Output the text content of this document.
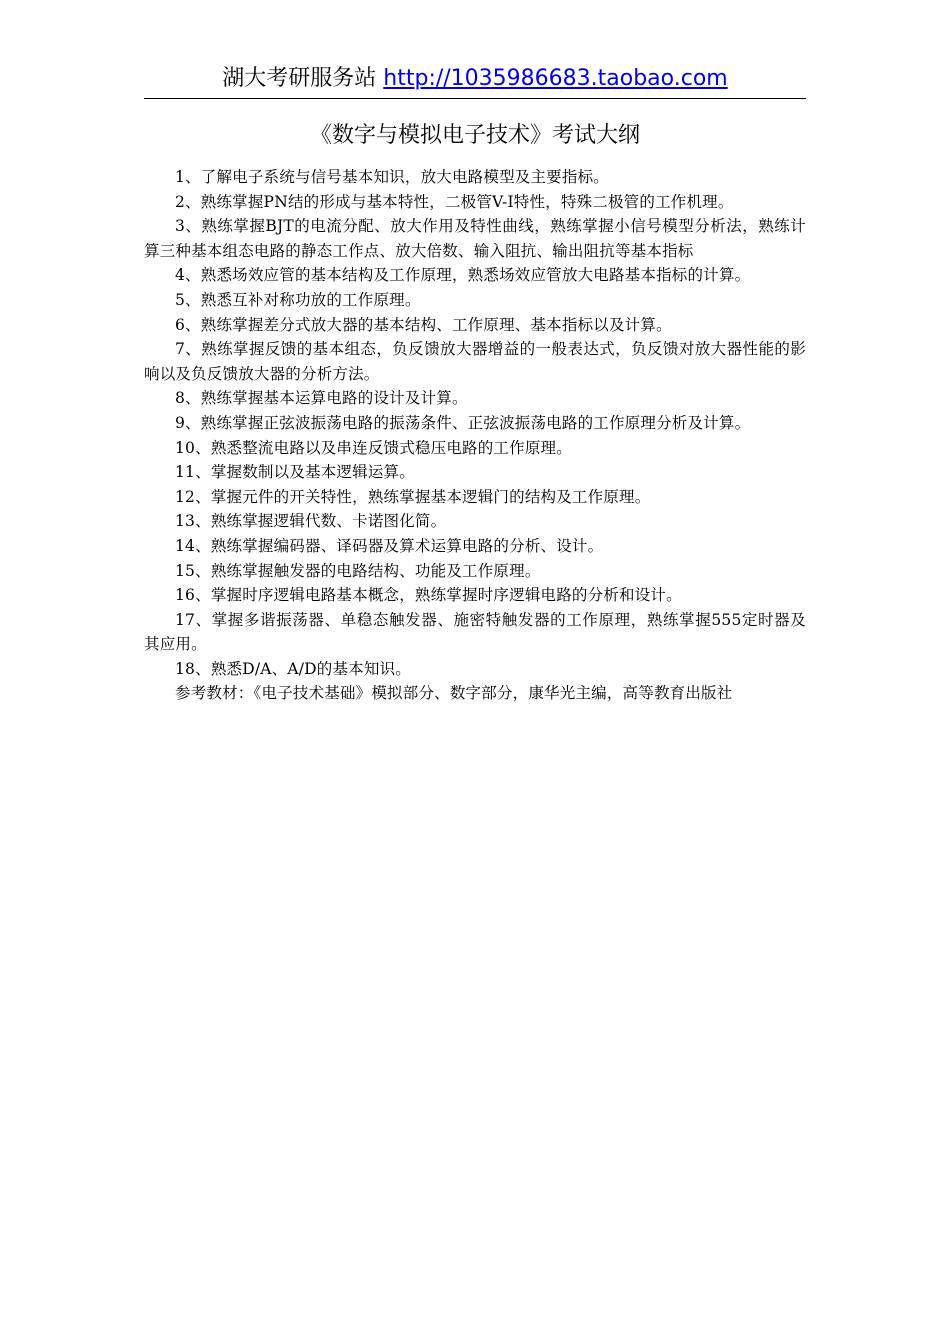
湖大考研服务站 http://1035986683.taobao.com
《数字与模拟电子技术》考试大纲

1、了解电子系统与信号基本知识，放大电路模型及主要指标。

2、熟练掌握PN结的形成与基本特性，二极管V-I特性，特殊二极管的工作机理。

3、熟练掌握BJT的电流分配、放大作用及特性曲线，熟练掌握小信号模型分析法，熟练计算三种基本组态电路的静态工作点、放大倍数、输入阻抗、输出阻抗等基本指标

4、熟悉场效应管的基本结构及工作原理，熟悉场效应管放大电路基本指标的计算。

5、熟悉互补对称功放的工作原理。

6、熟练掌握差分式放大器的基本结构、工作原理、基本指标以及计算。

7、熟练掌握反馈的基本组态，负反馈放大器增益的一般表达式，负反馈对放大器性能的影响以及负反馈放大器的分析方法。

8、熟练掌握基本运算电路的设计及计算。

9、熟练掌握正弦波振荡电路的振荡条件、正弦波振荡电路的工作原理分析及计算。

10、熟悉整流电路以及串连反馈式稳压电路的工作原理。

11、掌握数制以及基本逻辑运算。

12、掌握元件的开关特性，熟练掌握基本逻辑门的结构及工作原理。

13、熟练掌握逻辑代数、卡诺图化简。

14、熟练掌握编码器、译码器及算术运算电路的分析、设计。

15、熟练掌握触发器的电路结构、功能及工作原理。

16、掌握时序逻辑电路基本概念，熟练掌握时序逻辑电路的分析和设计。

17、掌握多谐振荡器、单稳态触发器、施密特触发器的工作原理，熟练掌握555定时器及其应用。

18、熟悉D/A、A/D的基本知识。

参考教材：《电子技术基础》模拟部分、数字部分，康华光主编，高等教育出版社
